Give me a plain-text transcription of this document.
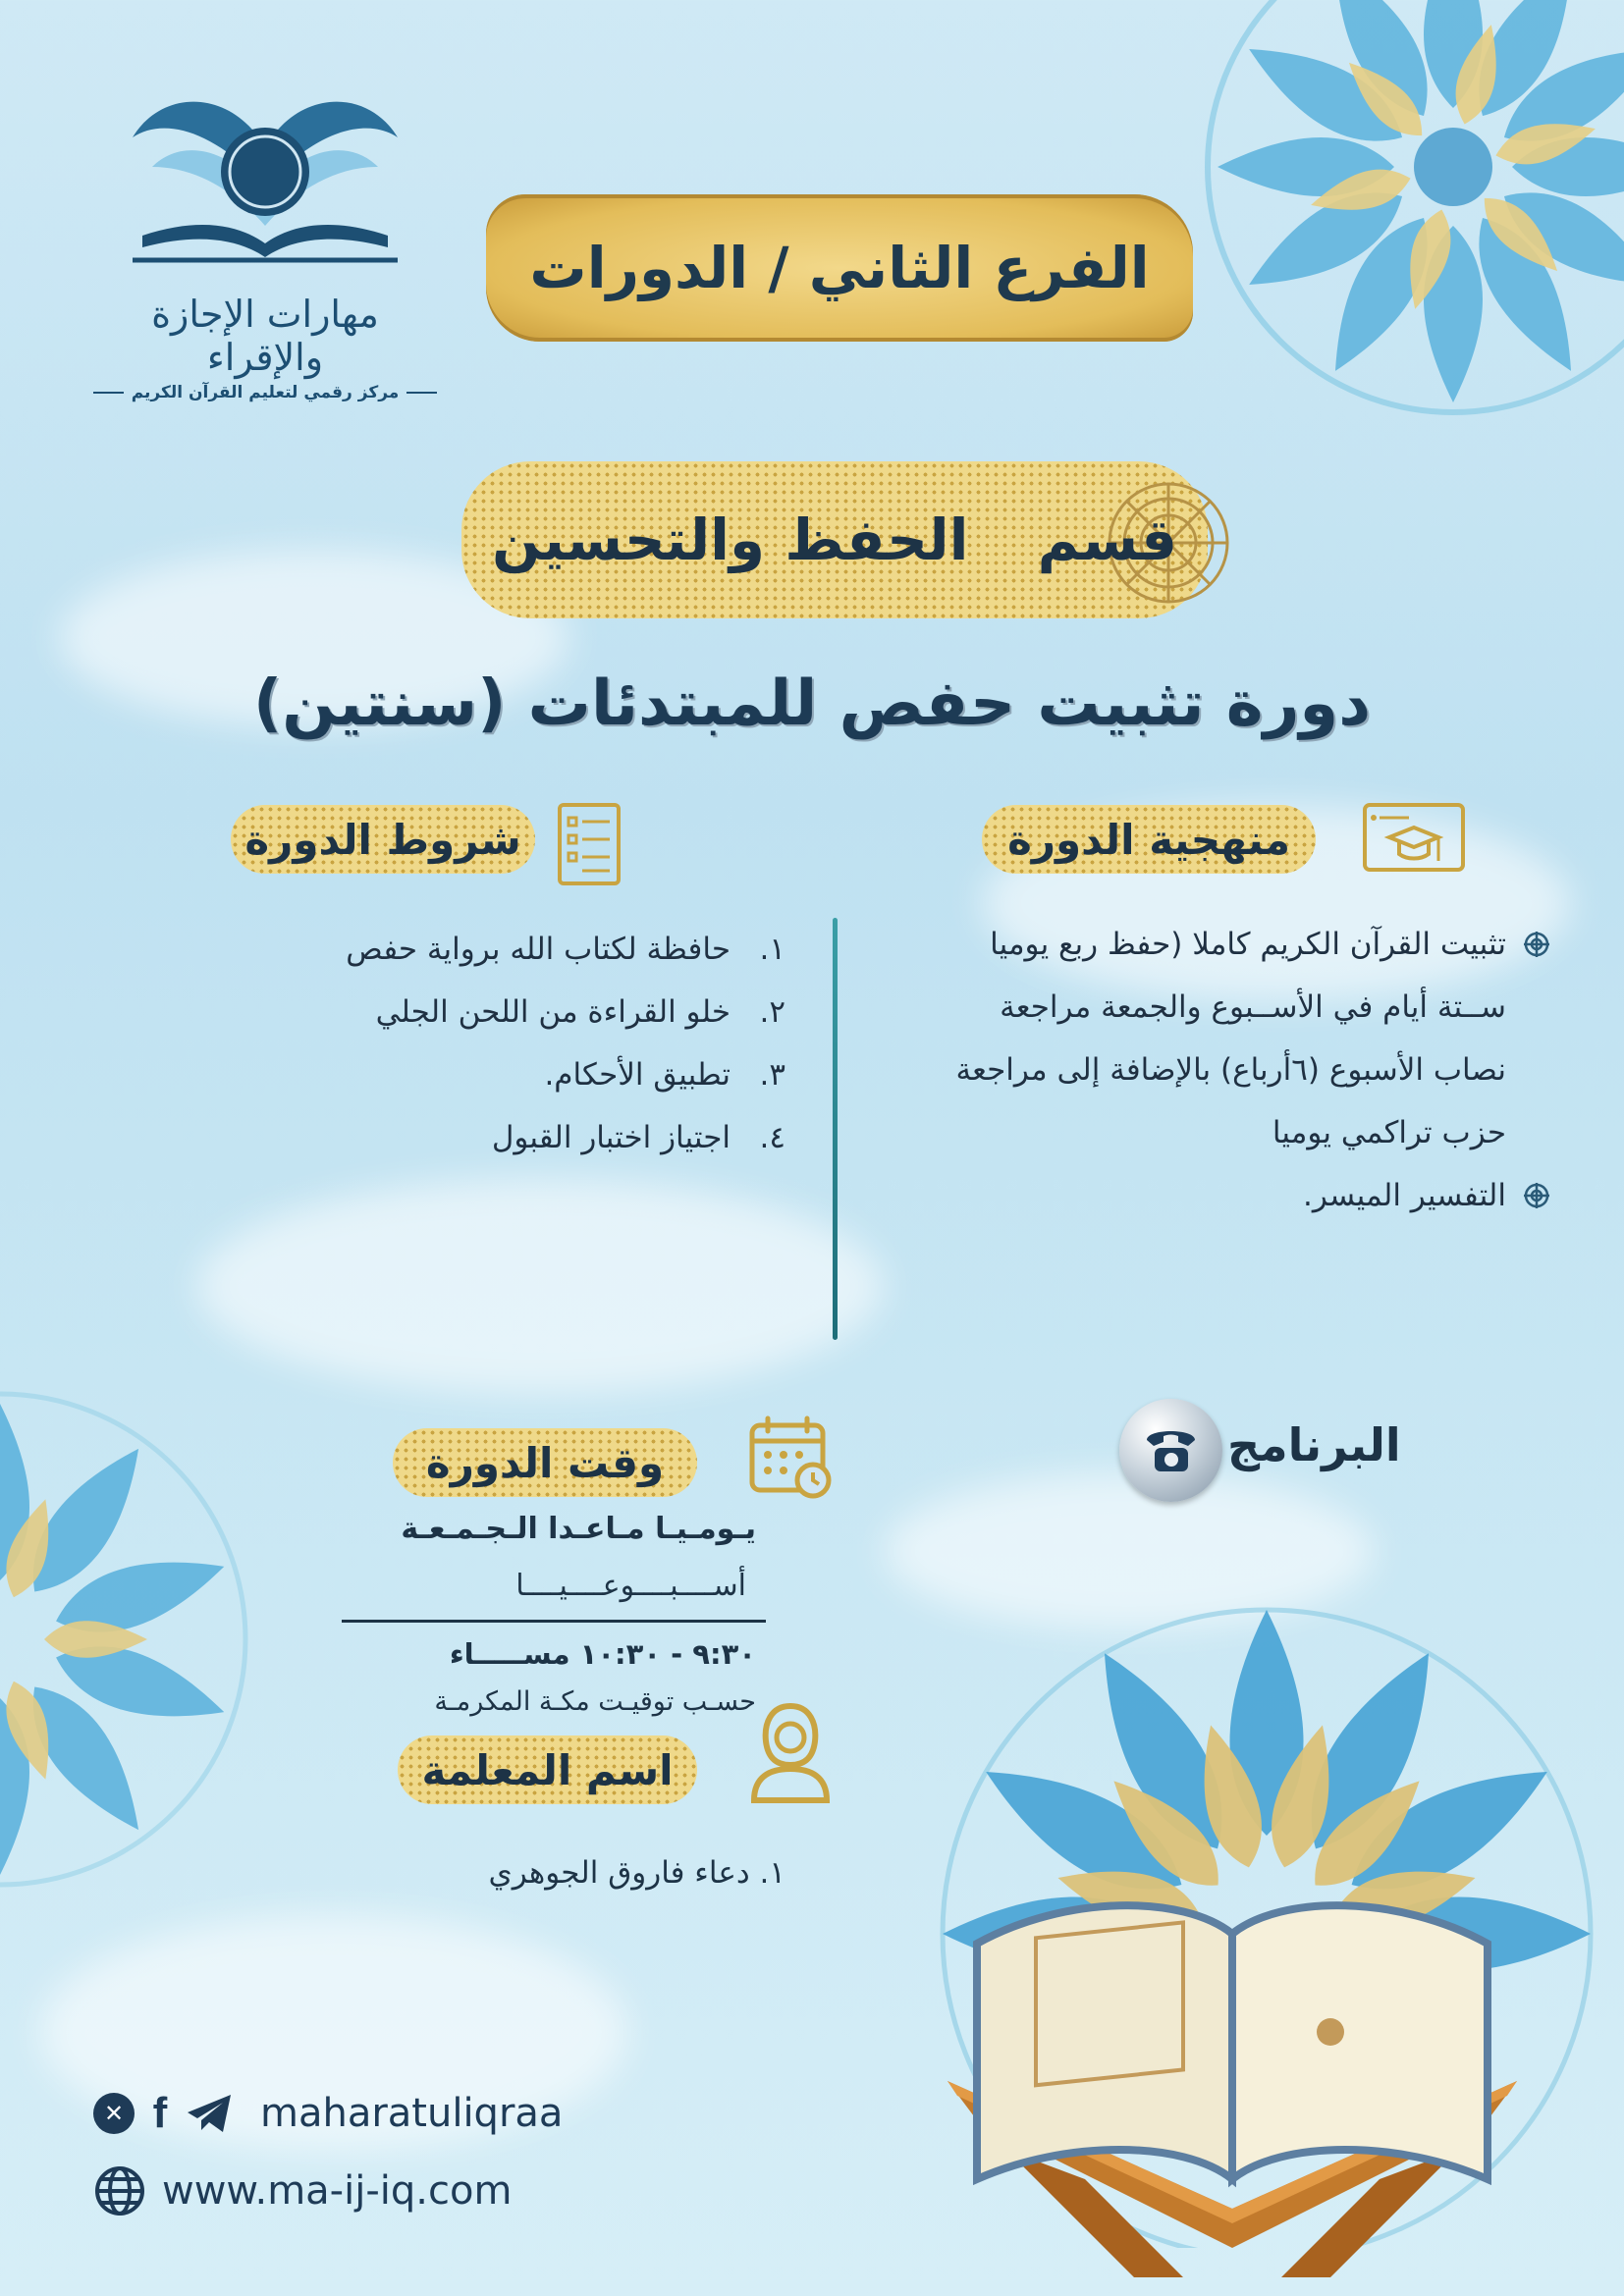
مهارات الإجازة والإقراء
مركز رقمي لتعليم القرآن الكريم
الفرع الثاني / الدورات
قسم
الحفظ والتحسين
دورة تثبيت حفص للمبتدئات (سنتين)
منهجية الدورة
شروط الدورة
تثبيت القرآن الكريم كاملا (حفظ ربع يوميا
ســتة أيام في الأســبوع والجمعة مراجعة
نصاب الأسبوع (٦أرباع) بالإضافة إلى مراجعة
حزب تراكمي يوميا
التفسير الميسر.
١.
حافظة لكتاب الله برواية حفص
٢.
خلو القراءة من اللحن الجلي
٣.
تطبيق الأحكام.
٤.
اجتياز اختبار القبول
البرنامج
وقت الدورة
يـومـيـا مـاعـدا الـجـمـعـة
أســــبــــوعــــيــــا
٩:٣٠ - ١٠:٣٠ مســـــاء
حسـب توقيـت مكـة المكرمـة
اسم المعلمة
١. دعاء فاروق الجوهري
✕ f maharatuliqraa
www.ma-ij-iq.com
